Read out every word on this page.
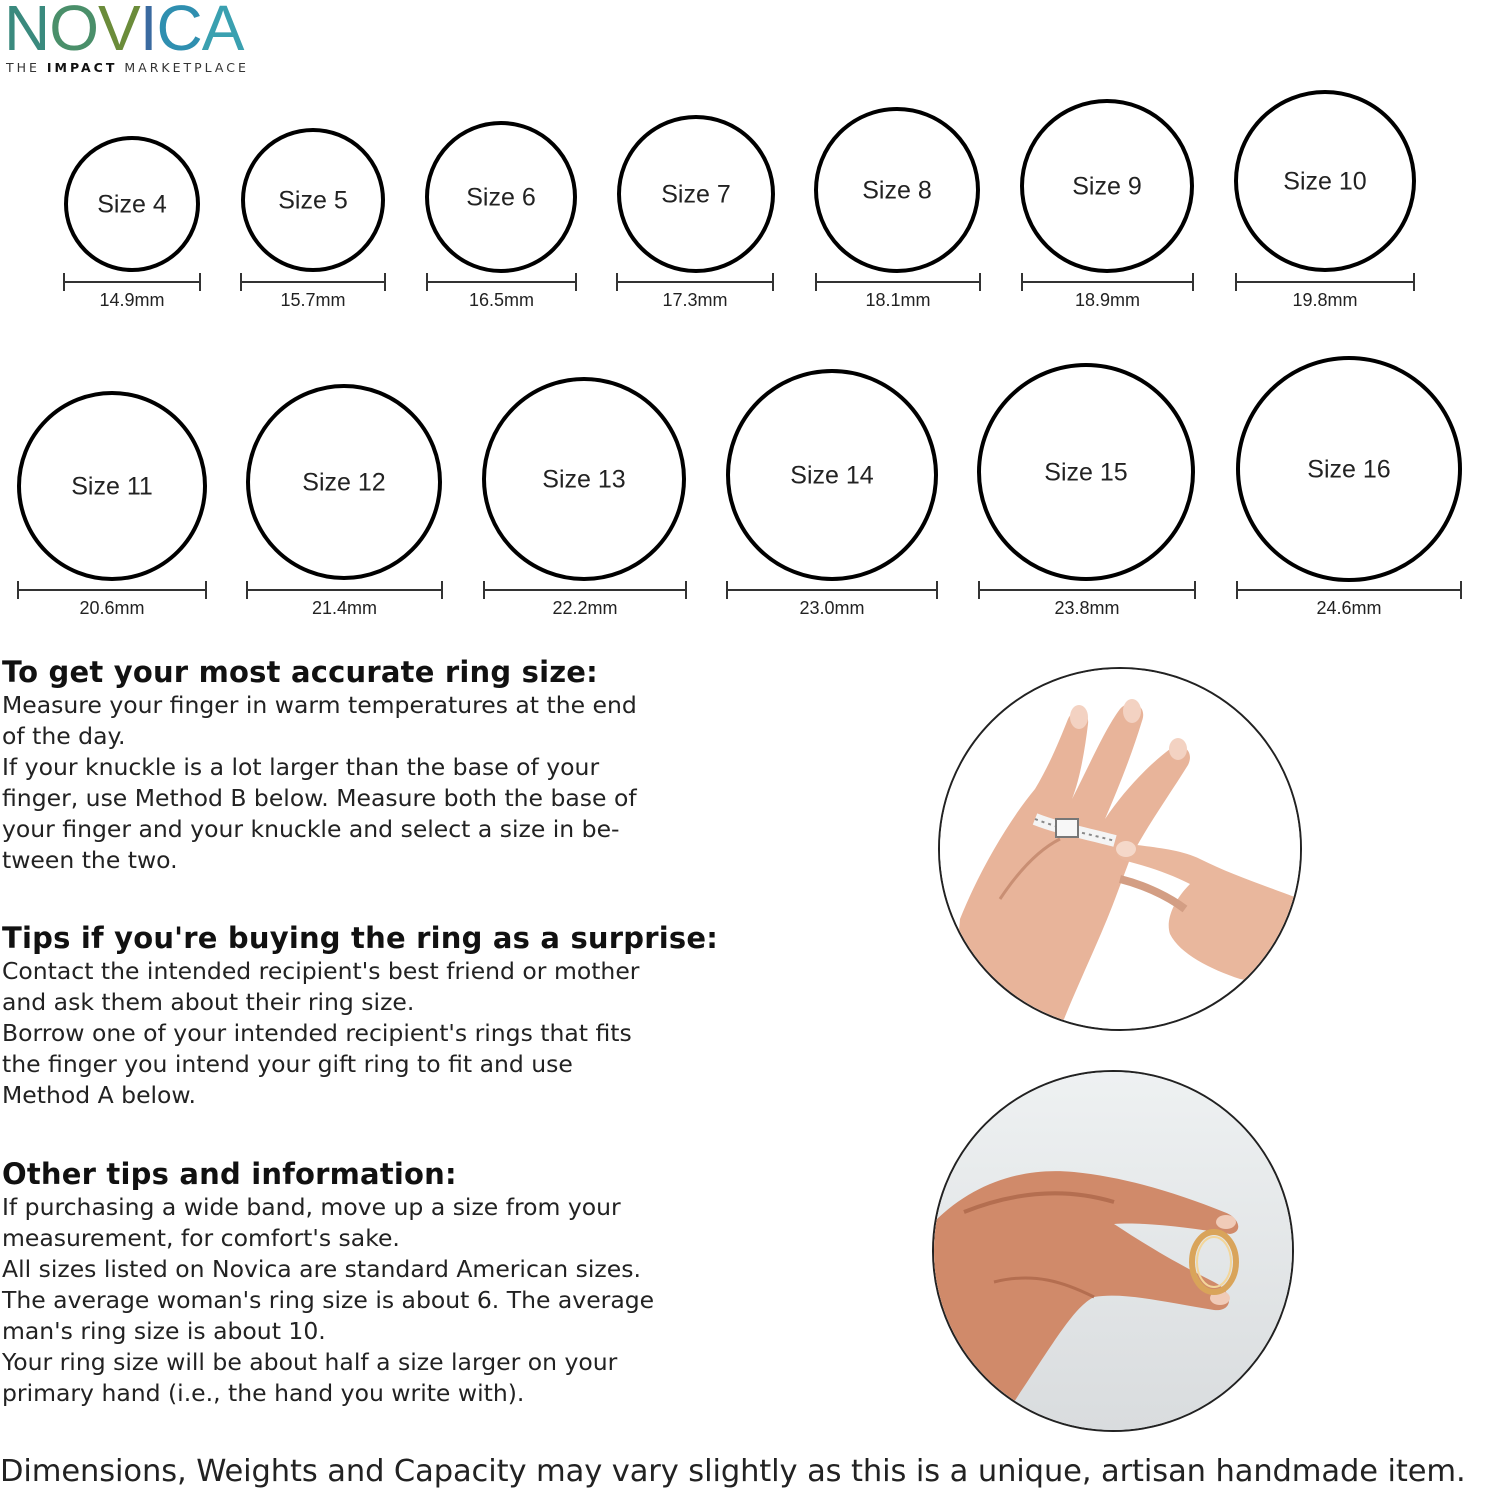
NOVICA
THE IMPACT MARKETPLACE
Size 4
14.9mm
Size 5
15.7mm
Size 6
16.5mm
Size 7
17.3mm
Size 8
18.1mm
Size 9
18.9mm
Size 10
19.8mm
Size 11
20.6mm
Size 12
21.4mm
Size 13
22.2mm
Size 14
23.0mm
Size 15
23.8mm
Size 16
24.6mm
To get your most accurate ring size:

Measure your finger in warm temperatures at the end

of the day.

If your knuckle is a lot larger than the base of your

finger, use Method B below. Measure both the base of

your finger and your knuckle and select a size in be-

tween the two.

Tips if you're buying the ring as a surprise:

Contact the intended recipient's best friend or mother

and ask them about their ring size.

Borrow one of your intended recipient's rings that fits

the finger you intend your gift ring to fit and use

Method A below.

Other tips and information:

If purchasing a wide band, move up a size from your

measurement, for comfort's sake.

All sizes listed on Novica are standard American sizes.

The average woman's ring size is about 6. The average

man's ring size is about 10.

Your ring size will be about half a size larger on your

primary hand (i.e., the hand you write with).

Dimensions, Weights and Capacity may vary slightly as this is a unique, artisan handmade item.
